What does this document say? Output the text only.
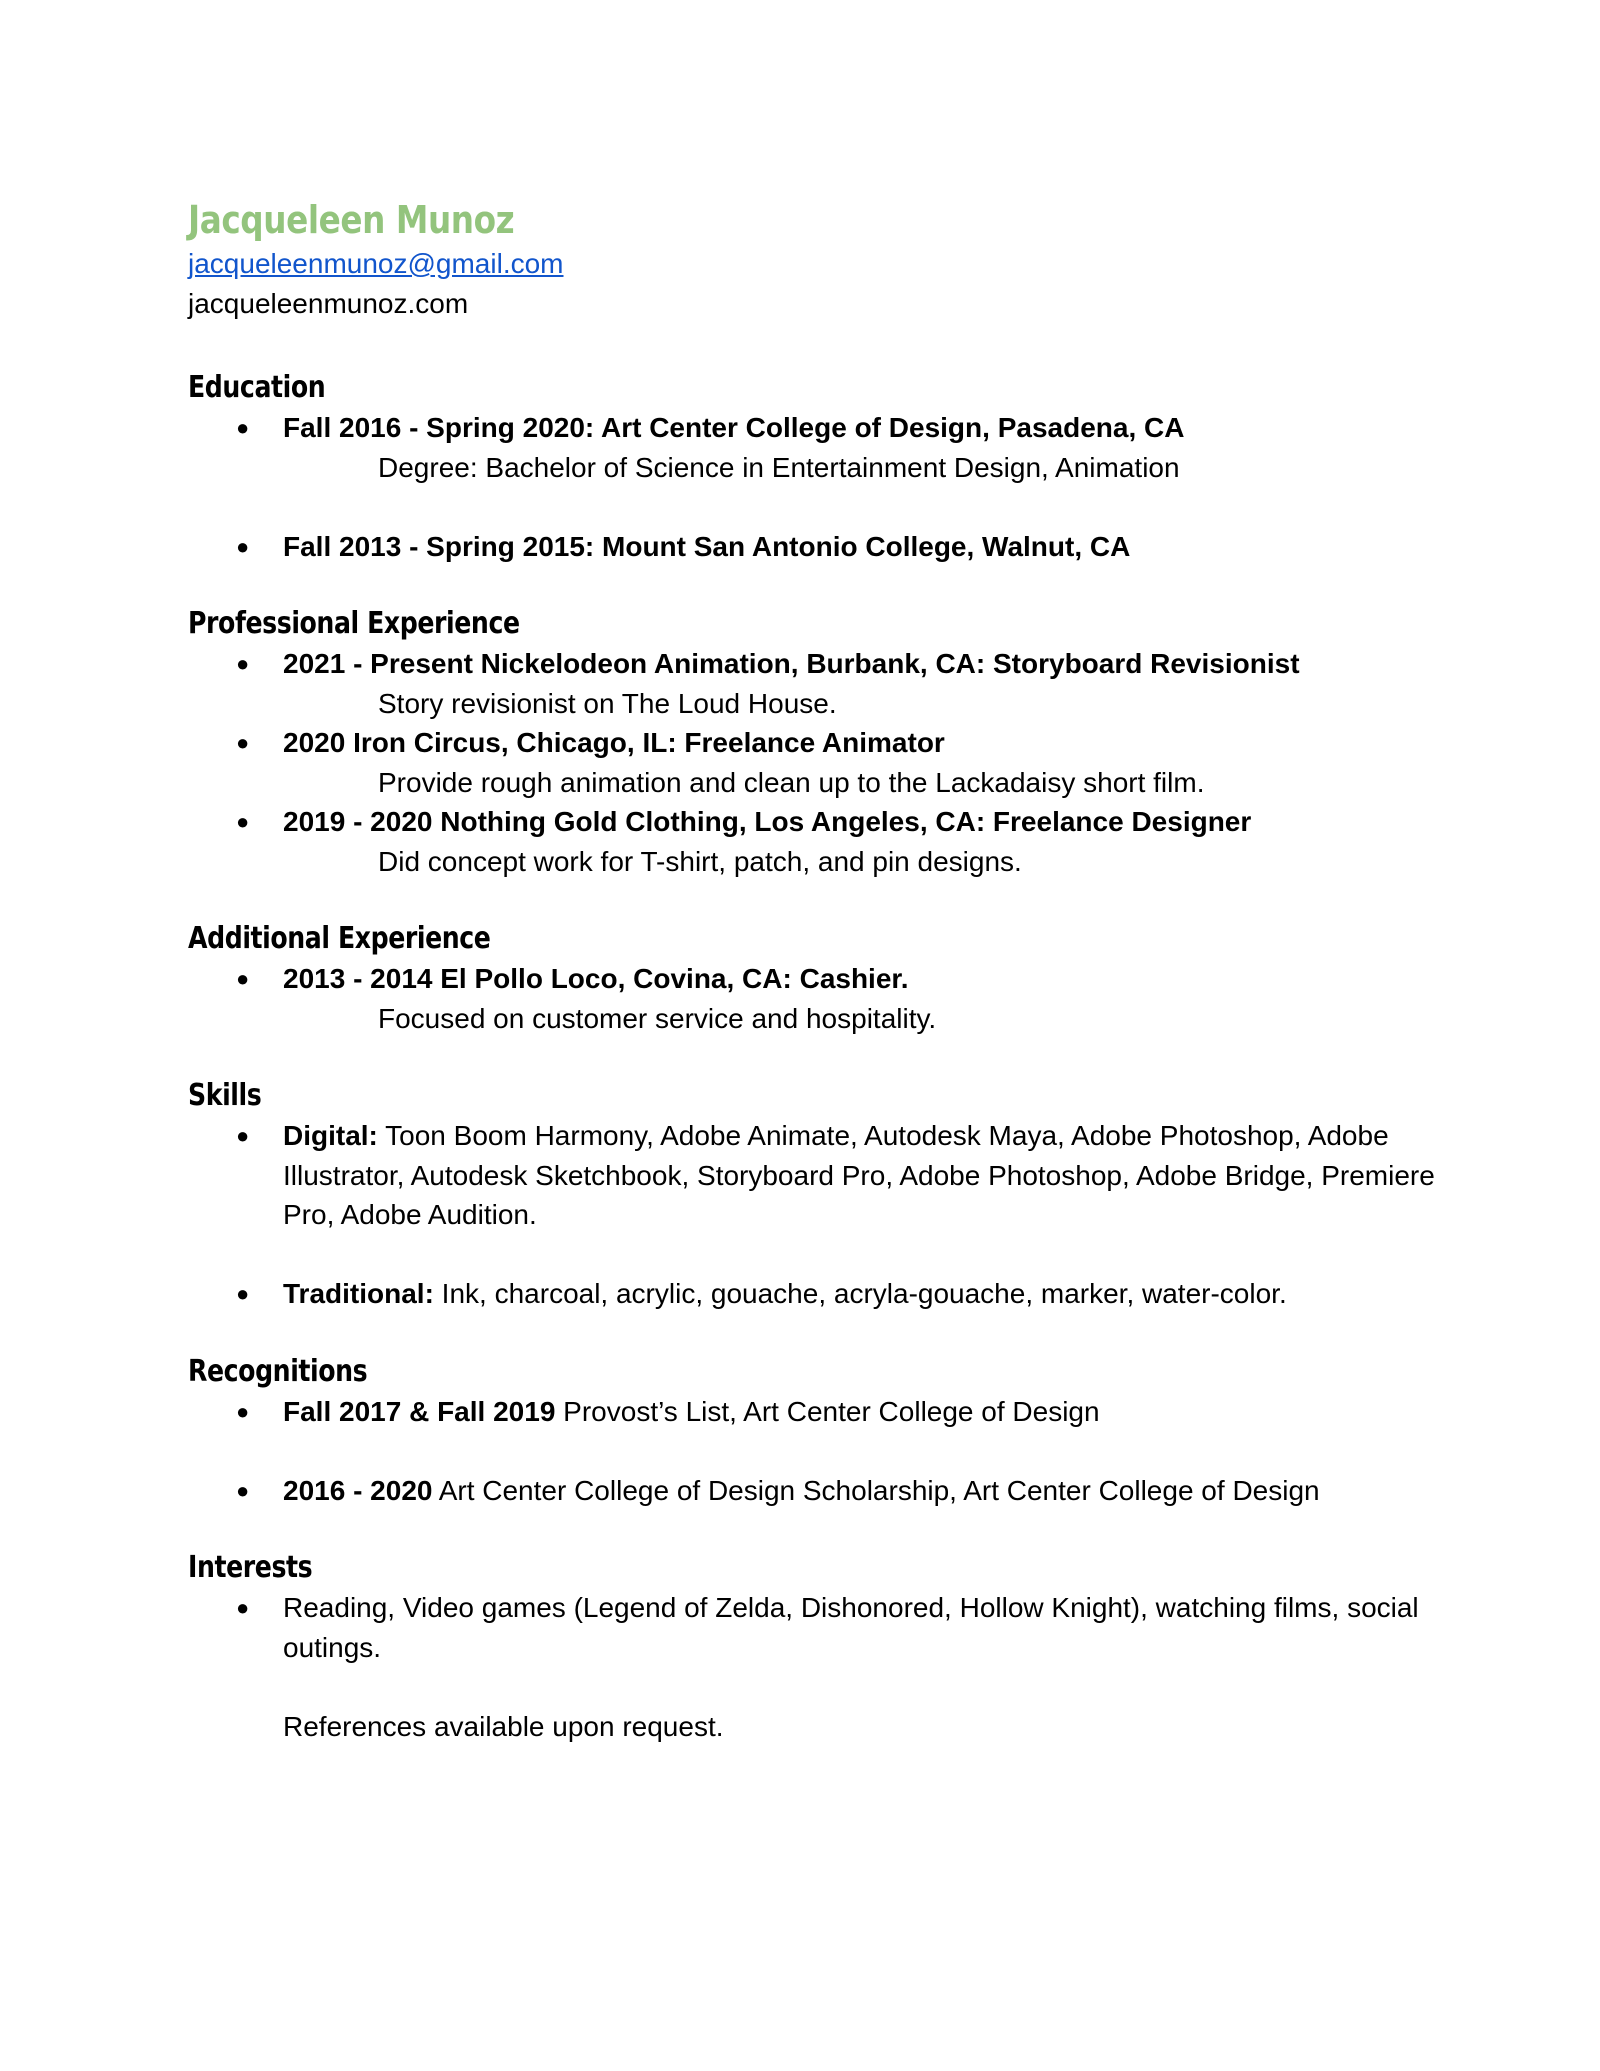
Jacqueleen Munoz
jacqueleenmunoz@gmail.com
jacqueleenmunoz.com
Education
● Fall 2016 - Spring 2020: Art Center College of Design, Pasadena, CA
Degree: Bachelor of Science in Entertainment Design, Animation
● Fall 2013 - Spring 2015: Mount San Antonio College, Walnut, CA
Professional Experience
● 2021 - Present Nickelodeon Animation, Burbank, CA: Storyboard Revisionist
Story revisionist on The Loud House.
● 2020 Iron Circus, Chicago, IL: Freelance Animator
Provide rough animation and clean up to the Lackadaisy short film.
● 2019 - 2020 Nothing Gold Clothing, Los Angeles, CA: Freelance Designer
Did concept work for T-shirt, patch, and pin designs.
Additional Experience
● 2013 - 2014 El Pollo Loco, Covina, CA: Cashier.
Focused on customer service and hospitality.
Skills
● Digital: Toon Boom Harmony, Adobe Animate, Autodesk Maya, Adobe Photoshop, Adobe Illustrator, Autodesk Sketchbook, Storyboard Pro, Adobe Photoshop, Adobe Bridge, Premiere Pro, Adobe Audition.
● Traditional: Ink, charcoal, acrylic, gouache, acryla-gouache, marker, water-color.
Recognitions
● Fall 2017 & Fall 2019 Provost’s List, Art Center College of Design
● 2016 - 2020 Art Center College of Design Scholarship, Art Center College of Design
Interests
● Reading, Video games (Legend of Zelda, Dishonored, Hollow Knight), watching films, social outings.
References available upon request.
